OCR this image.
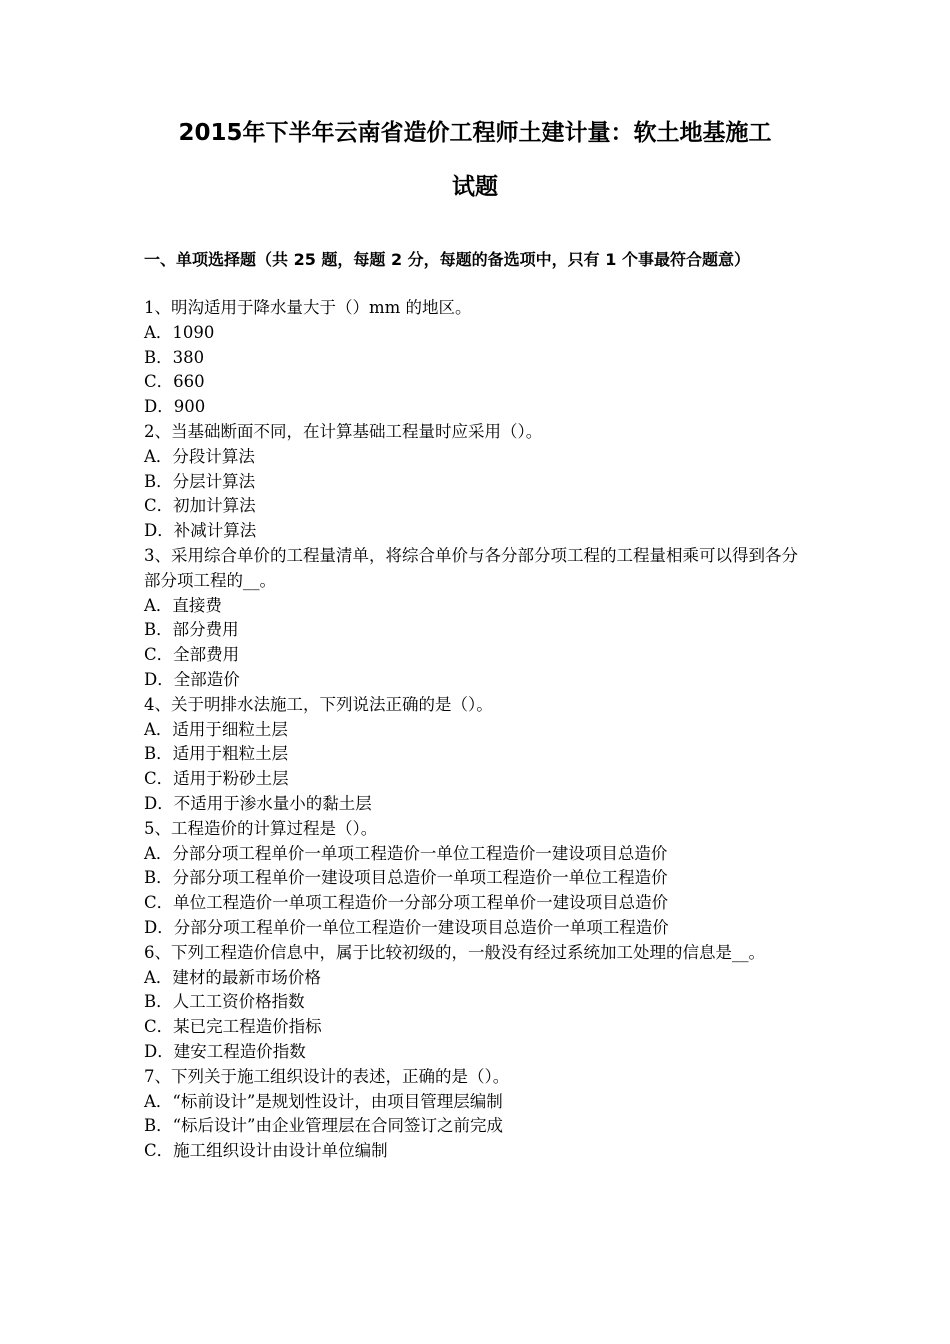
2015年下半年云南省造价工程师土建计量：软土地基施工
试题
一、单项选择题（共 25 题，每题 2 分，每题的备选项中，只有 1 个事最符合题意）
1、明沟适用于降水量大于（）mm 的地区。
A．1090
B．380
C．660
D．900
2、当基础断面不同，在计算基础工程量时应采用（）。
A．分段计算法
B．分层计算法
C．初加计算法
D．补减计算法
3、采用综合单价的工程量清单，将综合单价与各分部分项工程的工程量相乘可以得到各分部分项工程的__。
A．直接费
B．部分费用
C．全部费用
D．全部造价
4、关于明排水法施工，下列说法正确的是（）。
A．适用于细粒土层
B．适用于粗粒土层
C．适用于粉砂土层
D．不适用于渗水量小的黏土层
5、工程造价的计算过程是（）。
A．分部分项工程单价一单项工程造价一单位工程造价一建设项目总造价
B．分部分项工程单价一建设项目总造价一单项工程造价一单位工程造价
C．单位工程造价一单项工程造价一分部分项工程单价一建设项目总造价
D．分部分项工程单价一单位工程造价一建设项目总造价一单项工程造价
6、下列工程造价信息中，属于比较初级的，一般没有经过系统加工处理的信息是__。
A．建材的最新市场价格
B．人工工资价格指数
C．某已完工程造价指标
D．建安工程造价指数
7、下列关于施工组织设计的表述，正确的是（）。
A．“标前设计”是规划性设计，由项目管理层编制
B．“标后设计”由企业管理层在合同签订之前完成
C．施工组织设计由设计单位编制
